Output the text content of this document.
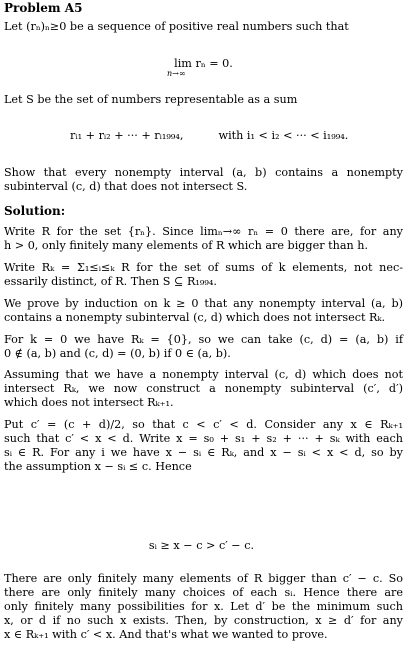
Problem A5
Let (rₙ)ₙ≥0 be a sequence of positive real numbers such that
lim rₙ = 0.
n→∞
Let S be the set of numbers representable as a sum
rᵢ₁ + rᵢ₂ + ··· + rᵢ₁₉₉₄,	with i₁ < i₂ < ··· < i₁₉₉₄.
Show that every nonempty interval (a, b) contains a nonempty
subinterval (c, d) that does not intersect S.
Solution:
Write R for the set {rₙ}. Since limₙ→∞ rₙ = 0 there are, for any
h > 0, only finitely many elements of R which are bigger than h.
Write Rₖ = Σ₁≤ᵢ≤ₖ R for the set of sums of k elements, not nec-
essarily distinct, of R. Then S ⊆ R₁₉₉₄.
We prove by induction on k ≥ 0 that any nonempty interval (a, b)
contains a nonempty subinterval (c, d) which does not intersect Rₖ.
For k = 0 we have Rₖ = {0}, so we can take (c, d) = (a, b) if
0 ∉ (a, b) and (c, d) = (0, b) if 0 ∈ (a, b).
Assuming that we have a nonempty interval (c, d) which does not
intersect Rₖ, we now construct a nonempty subinterval (c′, d′)
which does not intersect Rₖ₊₁.
Put c′ = (c + d)/2, so that c < c′ < d. Consider any x ∈ Rₖ₊₁
such that c′ < x < d. Write x = s₀ + s₁ + s₂ + ··· + sₖ with each
sᵢ ∈ R. For any i we have x − sᵢ ∈ Rₖ, and x − sᵢ < x < d, so by
the assumption x − sᵢ ≤ c. Hence
sᵢ ≥ x − c > c′ − c.
There are only finitely many elements of R bigger than c′ − c. So
there are only finitely many choices of each sᵢ. Hence there are
only finitely many possibilities for x. Let d′ be the minimum such
x, or d if no such x exists. Then, by construction, x ≥ d′ for any
x ∈ Rₖ₊₁ with c′ < x. And that's what we wanted to prove.
